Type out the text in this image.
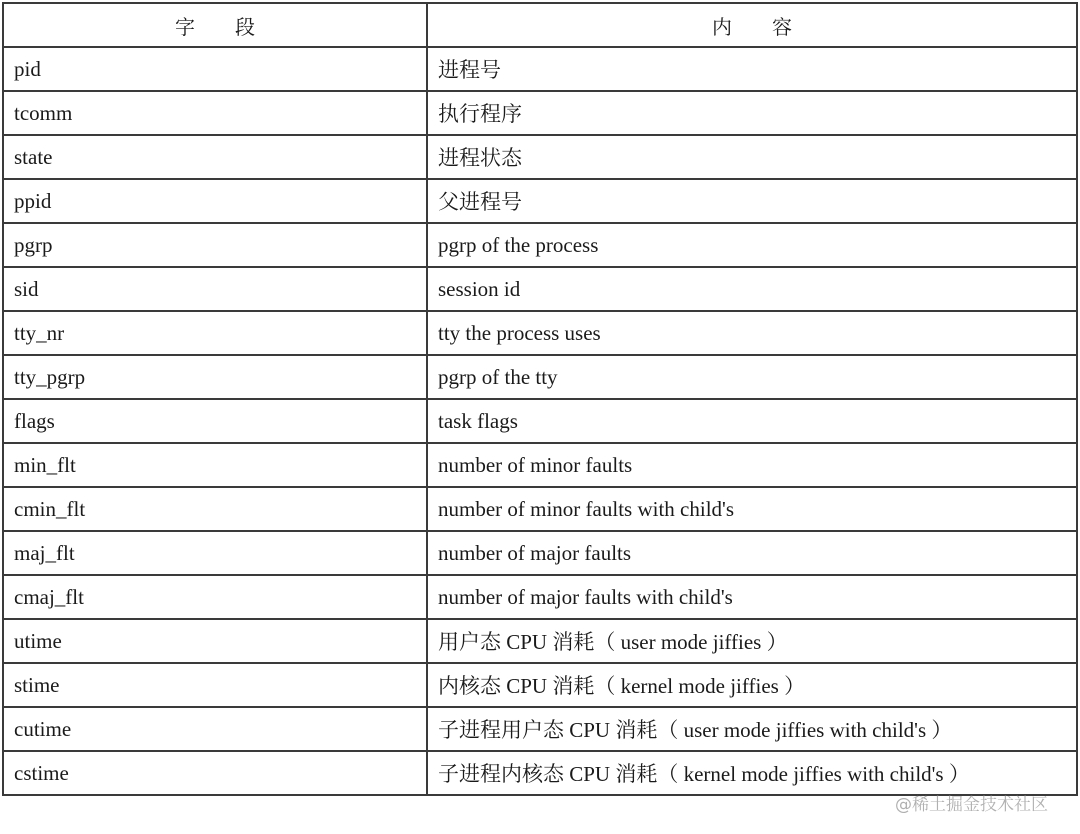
字　　段	内　　容
pid	进程号
tcomm	执行程序
state	进程状态
ppid	父进程号
pgrp	pgrp of the process
sid	session id
tty_nr	tty the process uses
tty_pgrp	pgrp of the tty
flags	task flags
min_flt	number of minor faults
cmin_flt	number of minor faults with child's
maj_flt	number of major faults
cmaj_flt	number of major faults with child's
utime	用户态 CPU 消耗（ user mode jiffies ）
stime	内核态 CPU 消耗（ kernel mode jiffies ）
cutime	子进程用户态 CPU 消耗（ user mode jiffies with child's ）
cstime	子进程内核态 CPU 消耗（ kernel mode jiffies with child's ）
@稀土掘金技术社区
